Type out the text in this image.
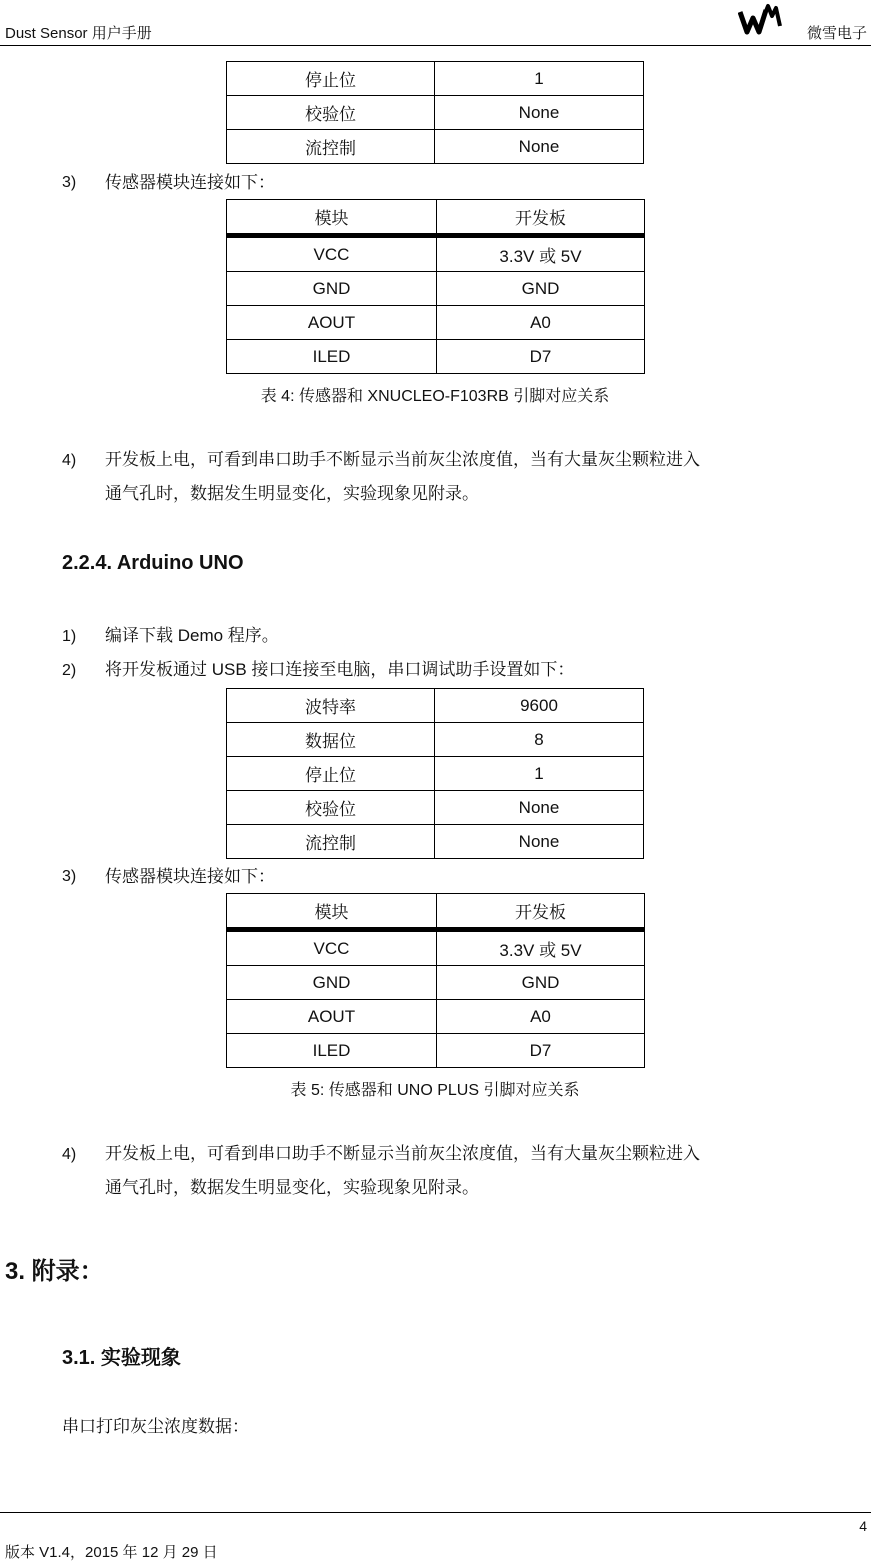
Dust Sensor 用户手册	微雪电子
停止位	1
校验位	None
流控制	None
3) 传感器模块连接如下：
模块	开发板
VCC	3.3V 或 5V
GND	GND
AOUT	A0
ILED	D7
表 4: 传感器和 XNUCLEO-F103RB 引脚对应关系
4) 开发板上电，可看到串口助手不断显示当前灰尘浓度值，当有大量灰尘颗粒进入
通气孔时，数据发生明显变化，实验现象见附录。
2.2.4. Arduino UNO
1) 编译下载 Demo 程序。
2) 将开发板通过 USB 接口连接至电脑，串口调试助手设置如下：
波特率	9600
数据位	8
停止位	1
校验位	None
流控制	None
3) 传感器模块连接如下：
模块	开发板
VCC	3.3V 或 5V
GND	GND
AOUT	A0
ILED	D7
表 5: 传感器和 UNO PLUS 引脚对应关系
4) 开发板上电，可看到串口助手不断显示当前灰尘浓度值，当有大量灰尘颗粒进入
通气孔时，数据发生明显变化，实验现象见附录。
3. 附录：
3.1. 实验现象
串口打印灰尘浓度数据：
4
版本 V1.4，2015 年 12 月 29 日
